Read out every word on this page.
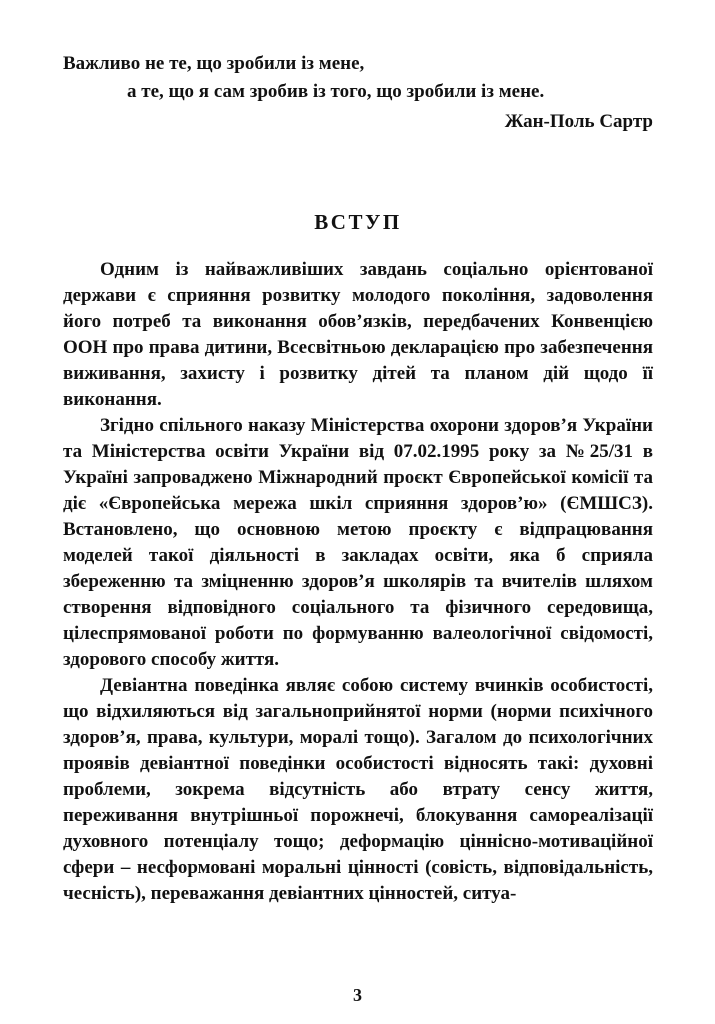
Важливо не те, що зробили із мене,
а те, що я сам зробив із того, що зробили із мене.
Жан-Поль Сартр
ВСТУП

Одним із найважливіших завдань соціально орієнтованої держави є сприяння розвитку молодого покоління, задоволення його потреб та виконання обов’язків, передбачених Конвенцією ООН про права дитини, Всесвітньою декларацією про забезпечення виживання, захисту і розвитку дітей та планом дій щодо її виконання.

Згідно спільного наказу Міністерства охорони здоров’я України та Міністерства освіти України від 07.02.1995 року за №25/31 в Україні запроваджено Міжнародний проєкт Європейської комісії та діє «Європейська мережа шкіл сприяння здоров’ю» (ЄМШСЗ). Встановлено, що основною метою проєкту є відпрацювання моделей такої діяльності в закладах освіти, яка б сприяла збереженню та зміцненню здоров’я школярів та вчителів шляхом створення відповідного соціального та фізичного середовища, цілеспрямованої роботи по формуванню валеологічної свідомості, здорового способу життя.

Девіантна поведінка являє собою систему вчинків особистості, що відхиляються від загальноприйнятої норми (норми психічного здоров’я, права, культури, моралі тощо). Загалом до психологічних проявів девіантної поведінки особистості відносять такі: духовні проблеми, зокрема відсутність або втрату сенсу життя, переживання внутрішньої порожнечі, блокування самореалізації духовного потенціалу тощо; деформацію ціннісно-мотиваційної сфери – несформовані моральні цінності (совість, відповідальність, чесність), переважання девіантних цінностей, ситуа-

3
